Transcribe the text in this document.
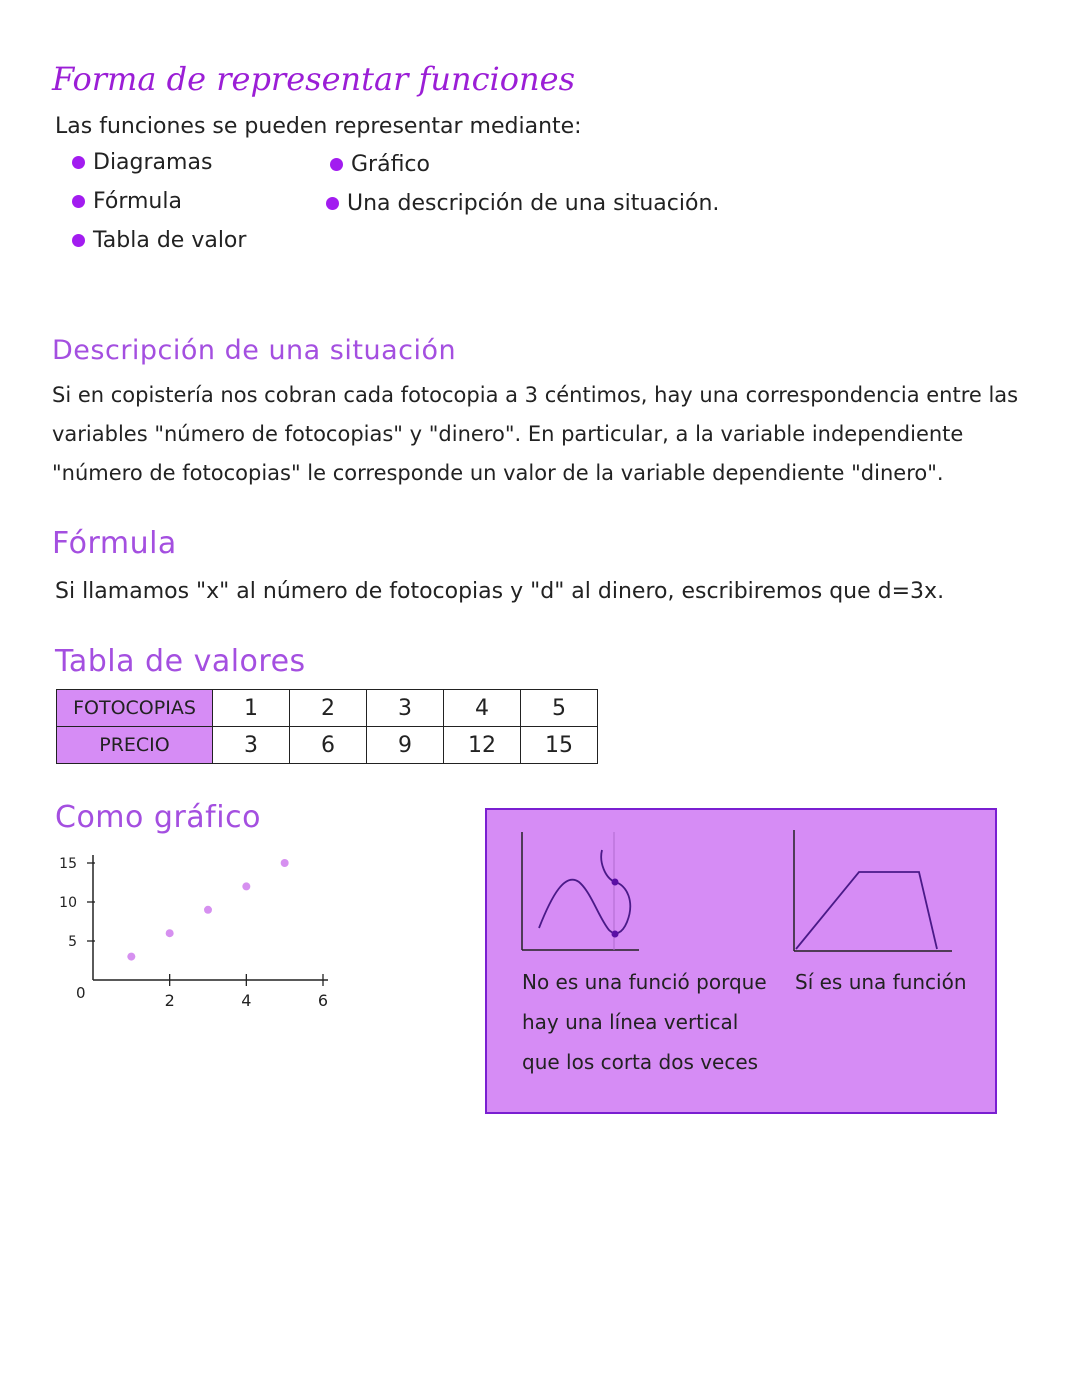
Forma de representar funciones
Las funciones se pueden representar mediante:
Diagramas
Fórmula
Tabla de valor
Gráfico
Una descripción de una situación.
Descripción de una situación
Si en copistería nos cobran cada fotocopia a 3 céntimos, hay una correspondencia entre las
variables "número de fotocopias" y "dinero". En particular, a la variable independiente
"número de fotocopias" le corresponde un valor de la variable dependiente "dinero".
Fórmula
Si llamamos "x" al número de fotocopias y "d" al dinero, escribiremos que d=3x.
Tabla de valores
FOTOCOPIAS	1	2	3	4	5
PRECIO	3	6	9	12	15
Como gráfico
0	2	4	6
5
10
15
No es una funció porque
hay una línea vertical
que los corta dos veces
Sí es una función
